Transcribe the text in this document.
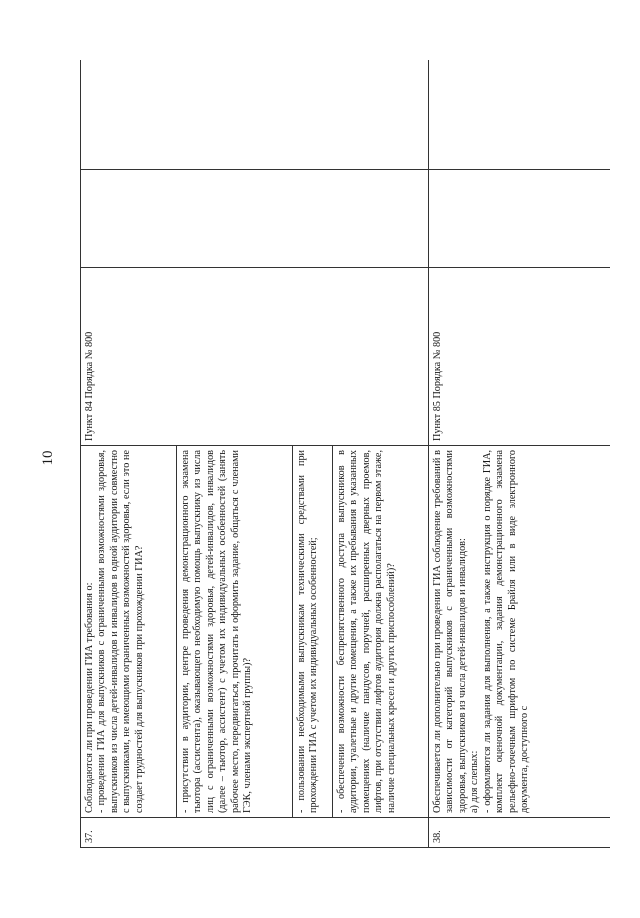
10
37.	Соблюдаются ли при проведении ГИА требования о:
- проведении ГИА для выпускников с ограниченными возможностями здоровья, выпускников из числа детей-инвалидов и инвалидов в одной аудитории совместно с выпускниками, не имеющими ограниченных возможностей здоровья, если это не создает трудностей для выпускников при прохождении ГИА?	Пункт 84 Порядка № 800		

	- присутствии в аудитории, центре проведения демонстрационного экзамена тьютора (ассистента), оказывающего необходимую помощь выпускнику из числа лиц с ограниченными возможностями здоровья, детей-инвалидов, инвалидов (далее – тьютор, ассистент) с учетом их индивидуальных особенностей (занять рабочее место, передвигаться, прочитать и оформить задание, общаться с членами ГЭК, членами экспертной группы)?			

	- пользовании необходимыми выпускникам техническими средствами при прохождении ГИА с учетом их индивидуальных особенностей;			

	- обеспечении возможности беспрепятственного доступа выпускников в аудитории, туалетные и другие помещения, а также их пребывания в указанных помещениях (наличие пандусов, поручней, расширенных дверных проемов, лифтов, при отсутствии лифтов аудитория должна располагаться на первом этаже, наличие специальных кресел и других приспособлений)?			

38.	Обеспечивается ли дополнительно при проведении ГИА соблюдение требований в зависимости от категорий выпускников с ограниченными возможностями здоровья, выпускников из числа детей-инвалидов и инвалидов:
а) для слепых:
- оформляются ли задания для выполнения, а также инструкция о порядке ГИА, комплект оценочной документации, задания демонстрационного экзамена рельефно-точечным шрифтом по системе Брайля или в виде электронного документа, доступного с	Пункт 85 Порядка № 800		
